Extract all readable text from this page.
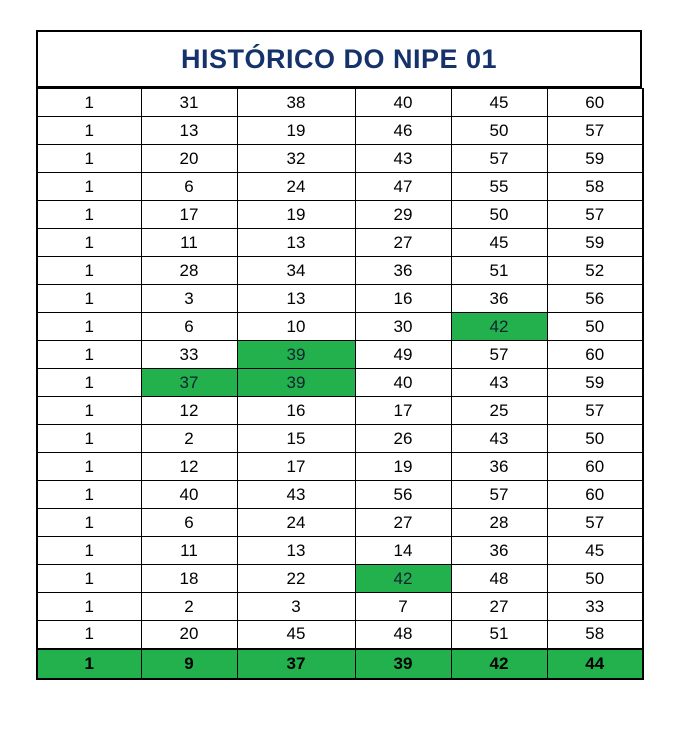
HISTÓRICO DO NIPE 01
1	31	38	40	45	60
1	13	19	46	50	57
1	20	32	43	57	59
1	6	24	47	55	58
1	17	19	29	50	57
1	11	13	27	45	59
1	28	34	36	51	52
1	3	13	16	36	56
1	6	10	30	42	50
1	33	39	49	57	60
1	37	39	40	43	59
1	12	16	17	25	57
1	2	15	26	43	50
1	12	17	19	36	60
1	40	43	56	57	60
1	6	24	27	28	57
1	11	13	14	36	45
1	18	22	42	48	50
1	2	3	7	27	33
1	20	45	48	51	58
1	9	37	39	42	44
